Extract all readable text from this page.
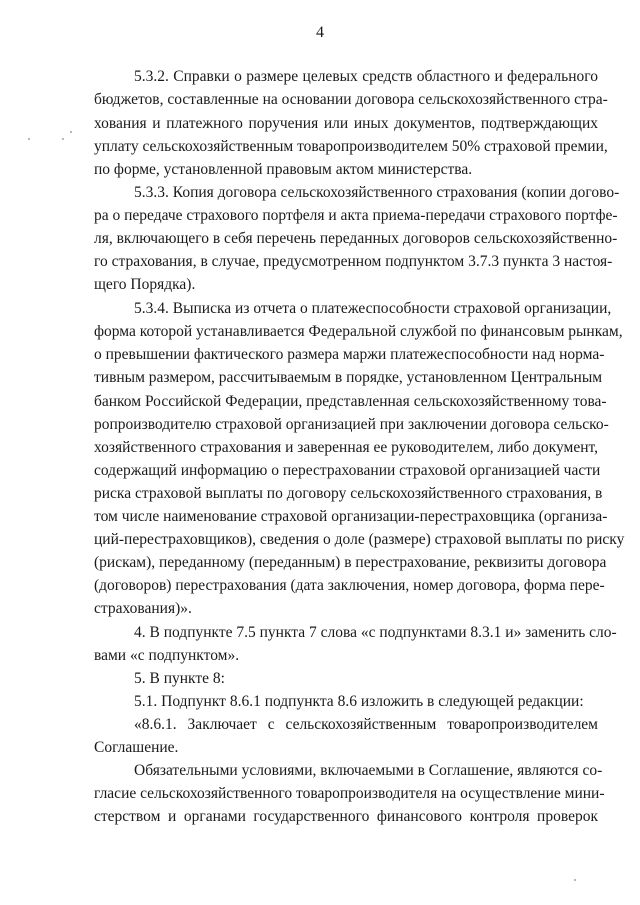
4
5.3.2. Справки о размере целевых средств областного и федерального
бюджетов, составленные на основании договора сельскохозяйственного стра-
хования и платежного поручения или иных документов, подтверждающих
уплату сельскохозяйственным товаропроизводителем 50% страховой премии,
по форме, установленной правовым актом министерства.
5.3.3. Копия договора сельскохозяйственного страхования (копии догово-
ра о передаче страхового портфеля и акта приема-передачи страхового портфе-
ля, включающего в себя перечень переданных договоров сельскохозяйственно-
го страхования, в случае, предусмотренном подпунктом 3.7.3 пункта 3 настоя-
щего Порядка).
5.3.4. Выписка из отчета о платежеспособности страховой организации,
форма которой устанавливается Федеральной службой по финансовым рынкам,
о превышении фактического размера маржи платежеспособности над норма-
тивным размером, рассчитываемым в порядке, установленном Центральным
банком Российской Федерации, представленная сельскохозяйственному това-
ропроизводителю страховой организацией при заключении договора сельско-
хозяйственного страхования и заверенная ее руководителем, либо документ,
содержащий информацию о перестраховании страховой организацией части
риска страховой выплаты по договору сельскохозяйственного страхования, в
том числе наименование страховой организации-перестраховщика (организа-
ций-перестраховщиков), сведения о доле (размере) страховой выплаты по риску
(рискам), переданному (переданным) в перестрахование, реквизиты договора
(договоров) перестрахования (дата заключения, номер договора, форма пере-
страхования)».
4. В подпункте 7.5 пункта 7 слова «с подпунктами 8.3.1 и» заменить сло-
вами «с подпунктом».
5. В пункте 8:
5.1. Подпункт 8.6.1 подпункта 8.6 изложить в следующей редакции:
«8.6.1. Заключает с сельскохозяйственным товаропроизводителем
Соглашение.
Обязательными условиями, включаемыми в Соглашение, являются со-
гласие сельскохозяйственного товаропроизводителя на осуществление мини-
стерством и органами государственного финансового контроля проверок
